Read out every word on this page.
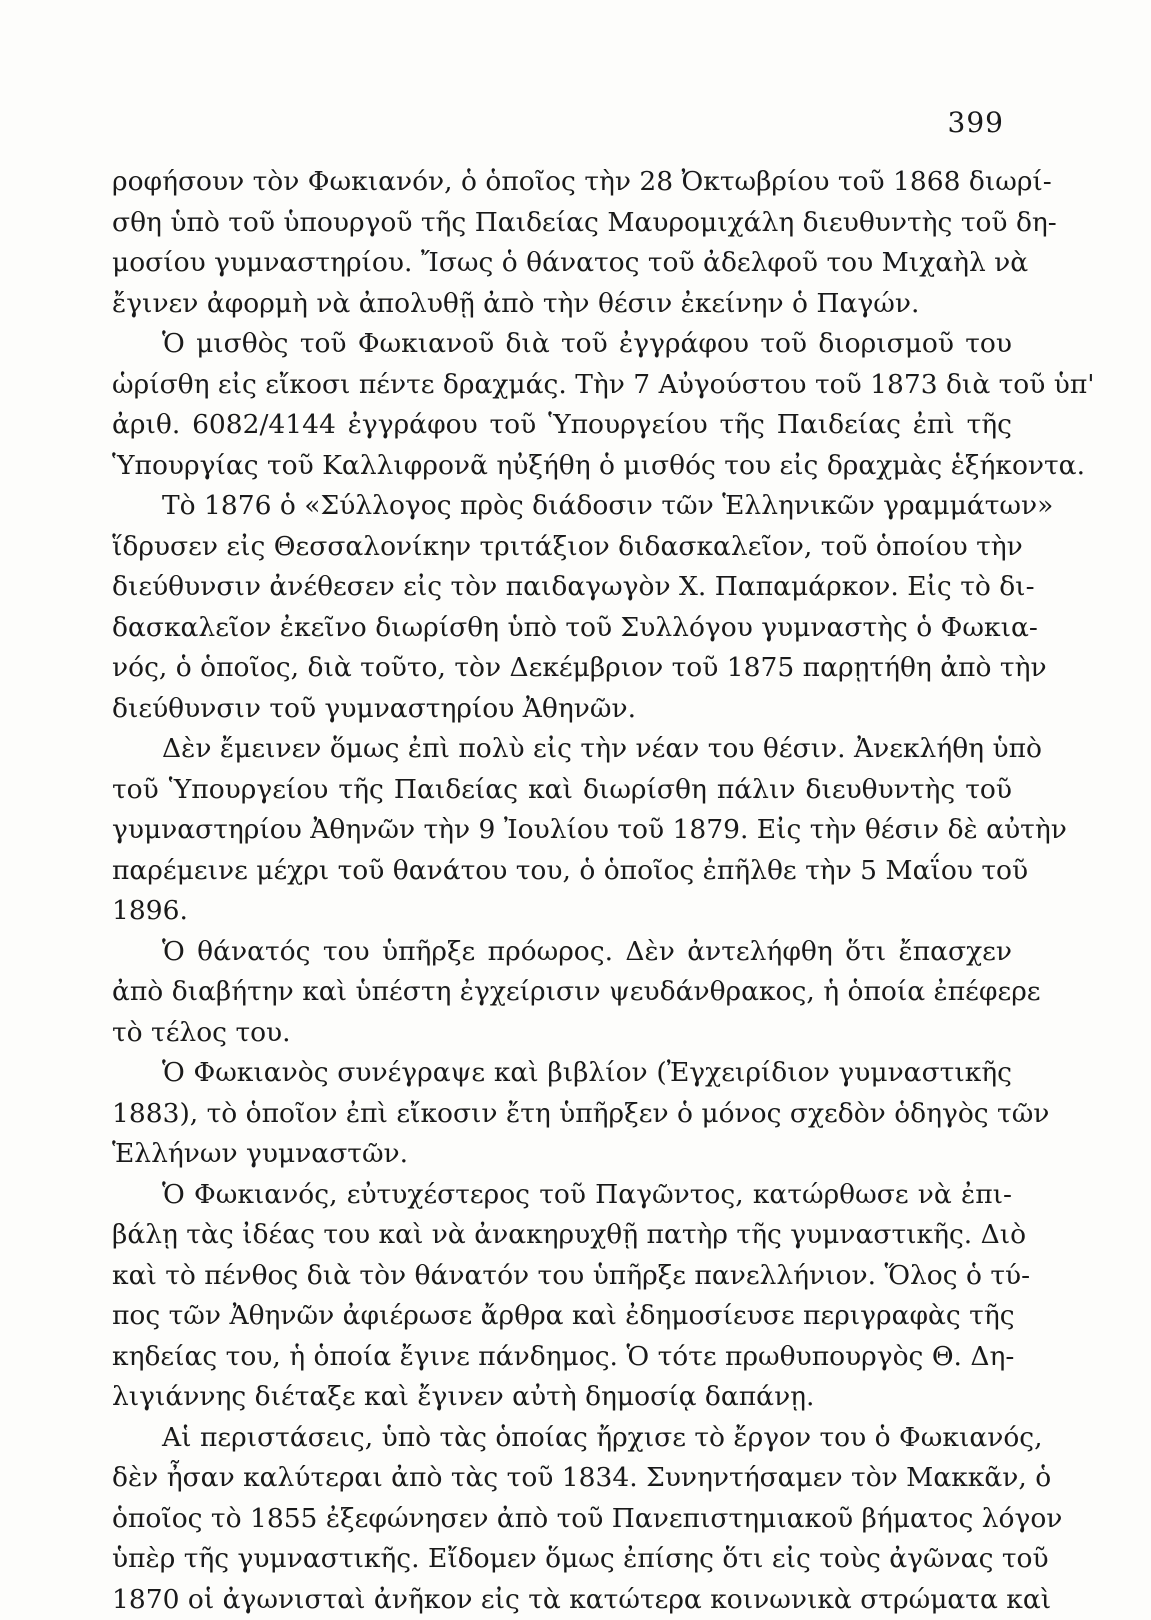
399
ροφήσουν τὸν Φωκιανόν, ὁ ὁποῖος τὴν 28 Ὀκτωβρίου τοῦ 1868 διωρί-
σθη ὑπὸ τοῦ ὑπουργοῦ τῆς Παιδείας Μαυρομιχάλη διευθυντὴς τοῦ δη-
μοσίου γυμναστηρίου. Ἴσως ὁ θάνατος τοῦ ἀδελφοῦ του Μιχαὴλ νὰ
ἔγινεν ἀφορμὴ νὰ ἀπολυθῇ ἀπὸ τὴν θέσιν ἐκείνην ὁ Παγών.
Ὁ μισθὸς τοῦ Φωκιανοῦ διὰ τοῦ ἐγγράφου τοῦ διορισμοῦ του
ὡρίσθη εἰς εἴκοσι πέντε δραχμάς. Τὴν 7 Αὐγούστου τοῦ 1873 διὰ τοῦ ὑπ'
ἀριθ. 6082/4144 ἐγγράφου τοῦ Ὑπουργείου τῆς Παιδείας ἐπὶ τῆς
Ὑπουργίας τοῦ Καλλιφρονᾶ ηὐξήθη ὁ μισθός του εἰς δραχμὰς ἑξήκοντα.
Τὸ 1876 ὁ «Σύλλογος πρὸς διάδοσιν τῶν Ἑλληνικῶν γραμμάτων»
ἵδρυσεν εἰς Θεσσαλονίκην τριτάξιον διδασκαλεῖον, τοῦ ὁποίου τὴν
διεύθυνσιν ἀνέθεσεν εἰς τὸν παιδαγωγὸν Χ. Παπαμάρκον. Εἰς τὸ δι-
δασκαλεῖον ἐκεῖνο διωρίσθη ὑπὸ τοῦ Συλλόγου γυμναστὴς ὁ Φωκια-
νός, ὁ ὁποῖος, διὰ τοῦτο, τὸν Δεκέμβριον τοῦ 1875 παρῃτήθη ἀπὸ τὴν
διεύθυνσιν τοῦ γυμναστηρίου Ἀθηνῶν.
Δὲν ἔμεινεν ὅμως ἐπὶ πολὺ εἰς τὴν νέαν του θέσιν. Ἀνεκλήθη ὑπὸ
τοῦ Ὑπουργείου τῆς Παιδείας καὶ διωρίσθη πάλιν διευθυντὴς τοῦ
γυμναστηρίου Ἀθηνῶν τὴν 9 Ἰουλίου τοῦ 1879. Εἰς τὴν θέσιν δὲ αὐτὴν
παρέμεινε μέχρι τοῦ θανάτου του, ὁ ὁποῖος ἐπῆλθε τὴν 5 Μαΐου τοῦ
1896.
Ὁ θάνατός του ὑπῆρξε πρόωρος. Δὲν ἀντελήφθη ὅτι ἔπασχεν
ἀπὸ διαβήτην καὶ ὑπέστη ἐγχείρισιν ψευδάνθρακος, ἡ ὁποία ἐπέφερε
τὸ τέλος του.
Ὁ Φωκιανὸς συνέγραψε καὶ βιβλίον (Ἐγχειρίδιον γυμναστικῆς
1883), τὸ ὁποῖον ἐπὶ εἴκοσιν ἔτη ὑπῆρξεν ὁ μόνος σχεδὸν ὁδηγὸς τῶν
Ἑλλήνων γυμναστῶν.
Ὁ Φωκιανός, εὐτυχέστερος τοῦ Παγῶντος, κατώρθωσε νὰ ἐπι-
βάλῃ τὰς ἰδέας του καὶ νὰ ἀνακηρυχθῇ πατὴρ τῆς γυμναστικῆς. Διὸ
καὶ τὸ πένθος διὰ τὸν θάνατόν του ὑπῆρξε πανελλήνιον. Ὅλος ὁ τύ-
πος τῶν Ἀθηνῶν ἀφιέρωσε ἄρθρα καὶ ἐδημοσίευσε περιγραφὰς τῆς
κηδείας του, ἡ ὁποία ἔγινε πάνδημος. Ὁ τότε πρωθυπουργὸς Θ. Δη-
λιγιάννης διέταξε καὶ ἔγινεν αὐτὴ δημοσίᾳ δαπάνῃ.
Αἱ περιστάσεις, ὑπὸ τὰς ὁποίας ἤρχισε τὸ ἔργον του ὁ Φωκιανός,
δὲν ἦσαν καλύτεραι ἀπὸ τὰς τοῦ 1834. Συνηντήσαμεν τὸν Μακκᾶν, ὁ
ὁποῖος τὸ 1855 ἐξεφώνησεν ἀπὸ τοῦ Πανεπιστημιακοῦ βήματος λόγον
ὑπὲρ τῆς γυμναστικῆς. Εἴδομεν ὅμως ἐπίσης ὅτι εἰς τοὺς ἀγῶνας τοῦ
1870 οἱ ἀγωνισταὶ ἀνῆκον εἰς τὰ κατώτερα κοινωνικὰ στρώματα καὶ
